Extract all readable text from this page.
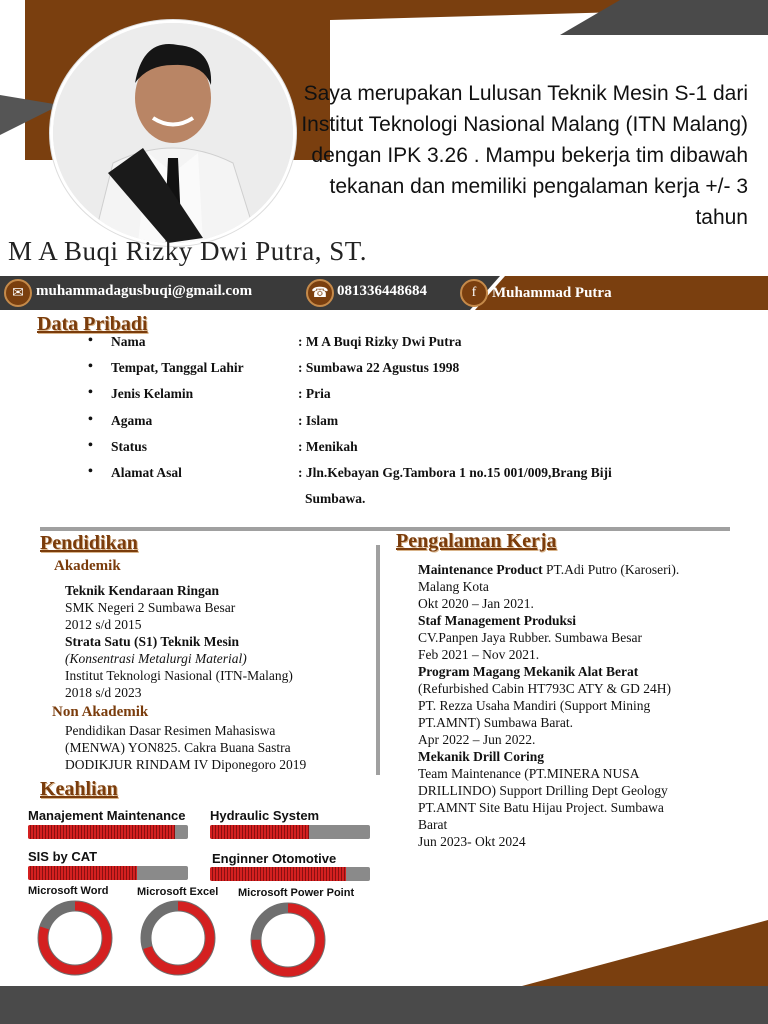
Saya merupakan Lulusan Teknik Mesin S-1 dari Institut Teknologi Nasional Malang (ITN Malang) dengan IPK 3.26 . Mampu bekerja tim dibawah tekanan dan memiliki pengalaman kerja +/- 3 tahun
M A Buqi Rizky Dwi Putra, ST.
✉ muhammadagusbuqi@gmail.com	☎ 081336448684	f	Muhammad Putra
Data Pribadi
• Nama	: M A Buqi Rizky Dwi Putra
• Tempat, Tanggal Lahir	: Sumbawa 22 Agustus 1998
• Jenis Kelamin	: Pria
• Agama	: Islam
• Status	: Menikah
• Alamat Asal	: Jln.Kebayan Gg.Tambora 1 no.15 001/009,Brang Biji
Sumbawa.
Pendidikan
Akademik
Teknik Kendaraan Ringan
SMK Negeri 2 Sumbawa Besar
2012 s/d 2015
Strata Satu (S1) Teknik Mesin
(Konsentrasi Metalurgi Material)
Institut Teknologi Nasional (ITN-Malang)
2018 s/d 2023
Non Akademik
Pendidikan Dasar Resimen Mahasiswa
(MENWA) YON825. Cakra Buana Sastra
DODIKJUR RINDAM IV Diponegoro 2019
Pengalaman Kerja
Maintenance Product PT.Adi Putro (Karoseri).
Malang Kota
Okt 2020 – Jan 2021.
Staf Management Produksi
CV.Panpen Jaya Rubber. Sumbawa Besar
Feb 2021 – Nov 2021.
Program Magang Mekanik Alat Berat
(Refurbished Cabin HT793C ATY & GD 24H)
PT. Rezza Usaha Mandiri (Support Mining
PT.AMNT) Sumbawa Barat.
Apr 2022 – Jun 2022.
Mekanik Drill Coring
Team Maintenance (PT.MINERA NUSA
DRILLINDO) Support Drilling Dept Geology
PT.AMNT Site Batu Hijau Project. Sumbawa
Barat
Jun 2023- Okt 2024
Keahlian
Manajement Maintenance Hydraulic System
SIS by CAT	Enginner Otomotive
Microsoft Word	Microsoft Excel Microsoft Power Point
